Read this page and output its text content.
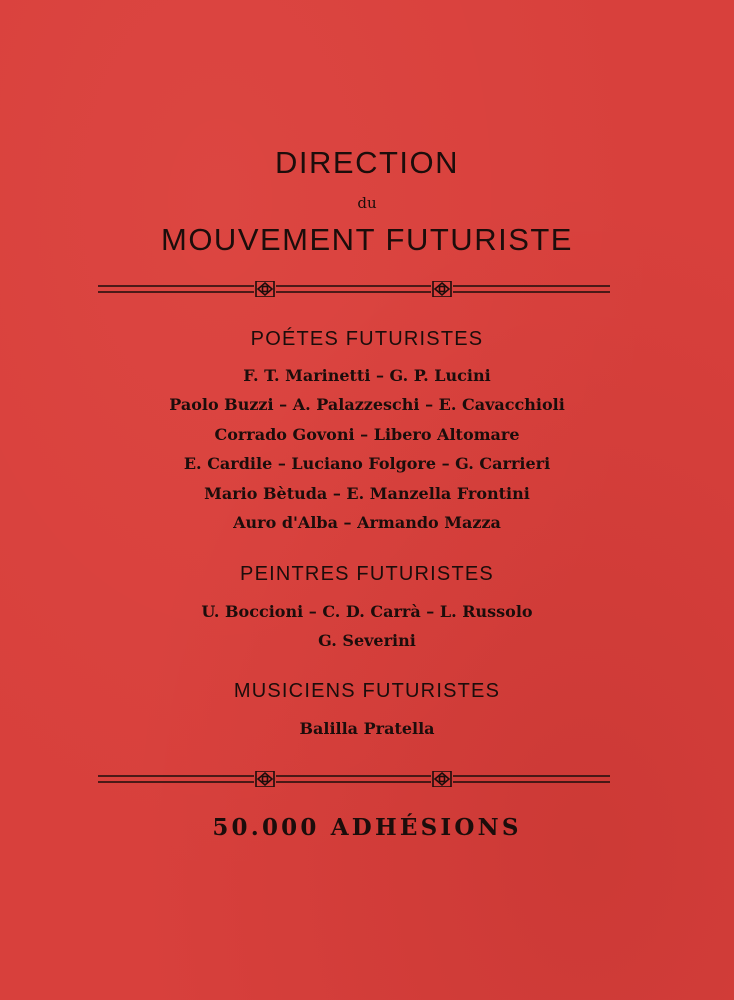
DIRECTION
du
MOUVEMENT FUTURISTE
POÉTES FUTURISTES
F. T. Marinetti – G. P. Lucini
Paolo Buzzi – A. Palazzeschi – E. Cavacchioli
Corrado Govoni – Libero Altomare
E. Cardile – Luciano Folgore – G. Carrieri
Mario Bètuda – E. Manzella Frontini
Auro d'Alba – Armando Mazza
PEINTRES FUTURISTES
U. Boccioni – C. D. Carrà – L. Russolo
G. Severini
MUSICIENS FUTURISTES
Balilla Pratella
50.000 ADHÉSIONS
